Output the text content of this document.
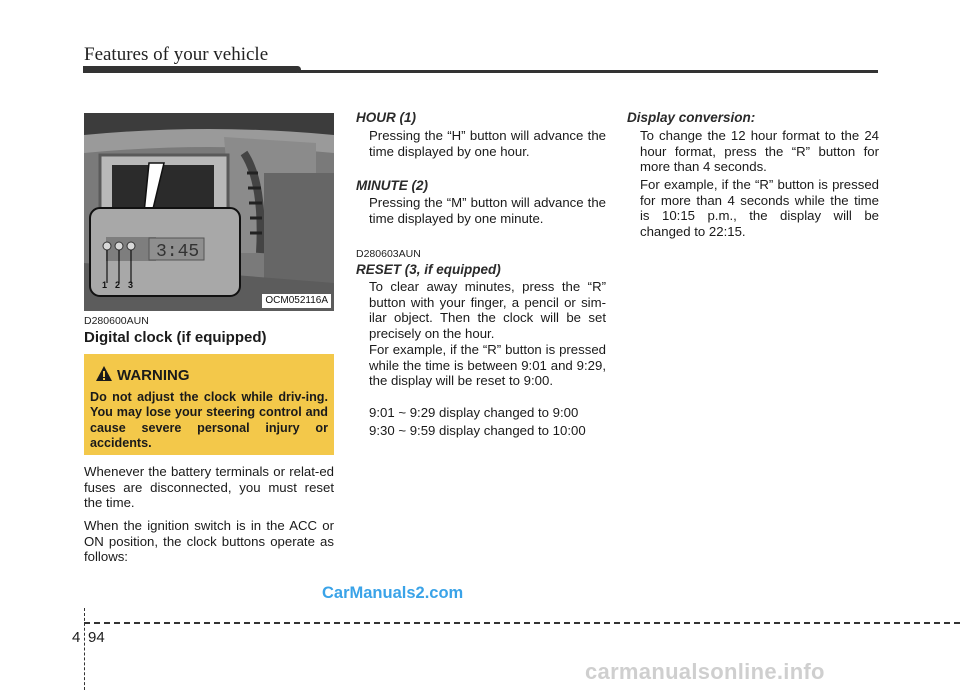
Features of your vehicle
3:45
1 2 3
OCM052116A
D280600AUN
Digital clock (if equipped)
Whenever the battery terminals or relat-ed fuses are disconnected, you must reset the time.
When the ignition switch is in the ACC or ON position, the clock buttons operate as follows:
WARNING
Do not adjust the clock while driv-ing. You may lose your steering control and cause severe personal injury or accidents.
HOUR (1)
Pressing the “H” button will advance the time displayed by one hour.
MINUTE (2)
Pressing the “M” button will advance the time displayed by one minute.
D280603AUN
RESET (3, if equipped)
To clear away minutes, press the “R” button with your finger, a pencil or sim-ilar object. Then the clock will be set precisely on the hour.
For example, if the “R” button is pressed while the time is between 9:01 and 9:29, the display will be reset to 9:00.
9:01 ~ 9:29 display changed to 9:00
9:30 ~ 9:59 display changed to 10:00
Display conversion:
To change the 12 hour format to the 24 hour format, press the “R” button for more than 4 seconds.
For example, if the “R” button is pressed for more than 4 seconds while the time is 10:15 p.m., the display will be changed to 22:15.
CarManuals2.com
4 94
carmanualsonline.info
